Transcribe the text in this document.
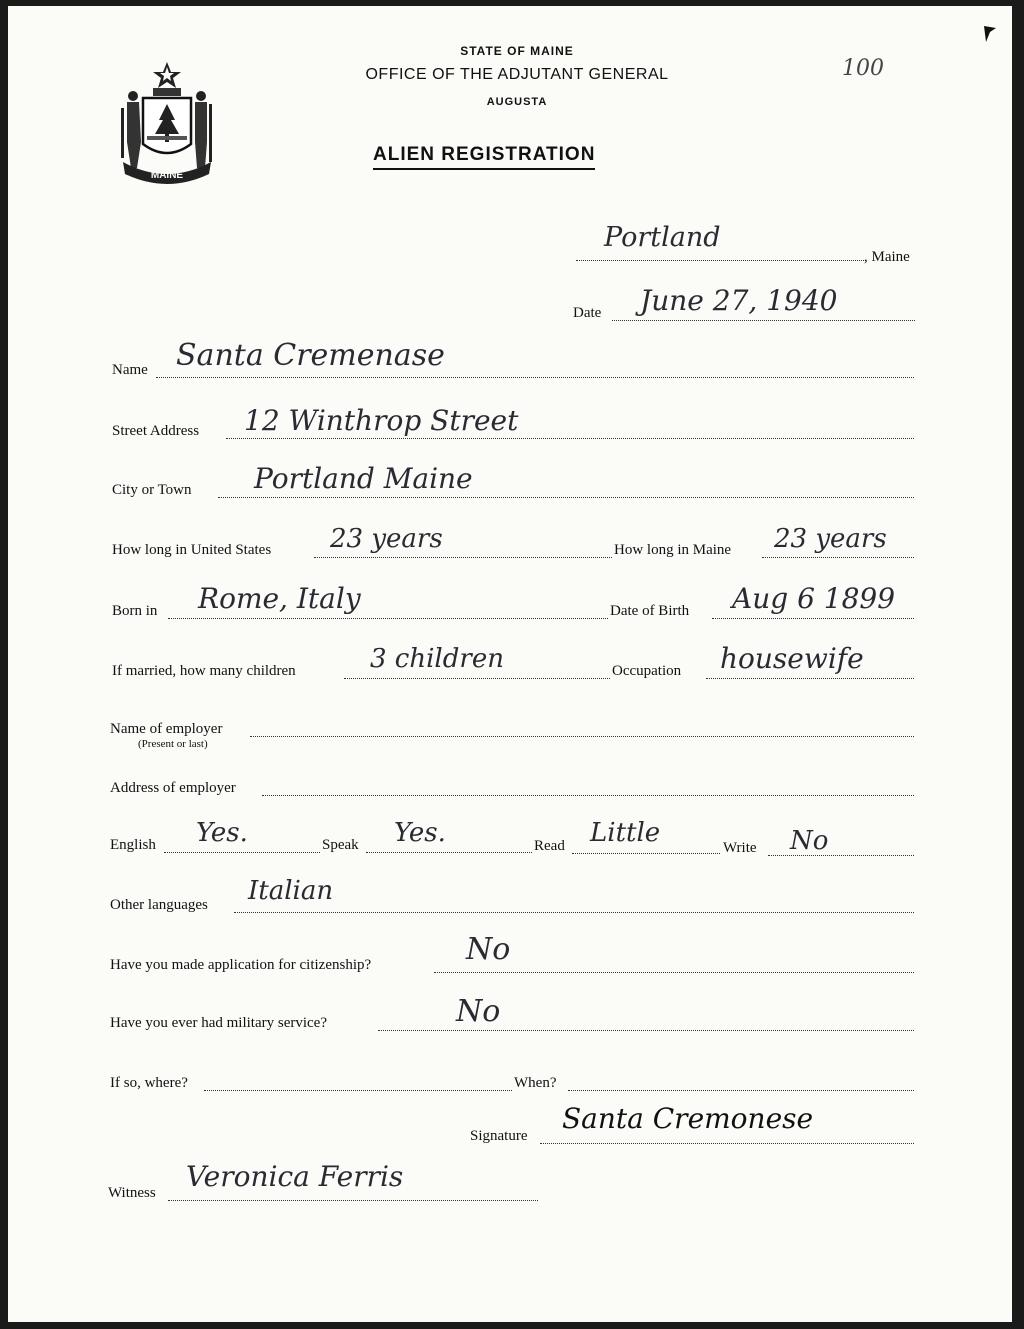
MAINE
STATE OF MAINE
OFFICE OF THE ADJUTANT GENERAL
AUGUSTA
ALIEN REGISTRATION
100
Portland
, Maine
Date June 27, 1940
Name Santa Cremenase
Street Address 12 Winthrop Street
City or Town Portland Maine
How long in United States 23 years	How long in Maine 23 years
Born in Rome, Italy	Date of Birth Aug 6 1899
If married, how many children	3 children	Occupation housewife
Name of employer
(Present or last)
Address of employer
English Yes.	Speak Yes.	Read Little	Write No
Other languages Italian
Have you made application for citizenship?	No
Have you ever had military service?	No
If so, where?	When?
Signature
Santa Cremonese
Witness Veronica Ferris
